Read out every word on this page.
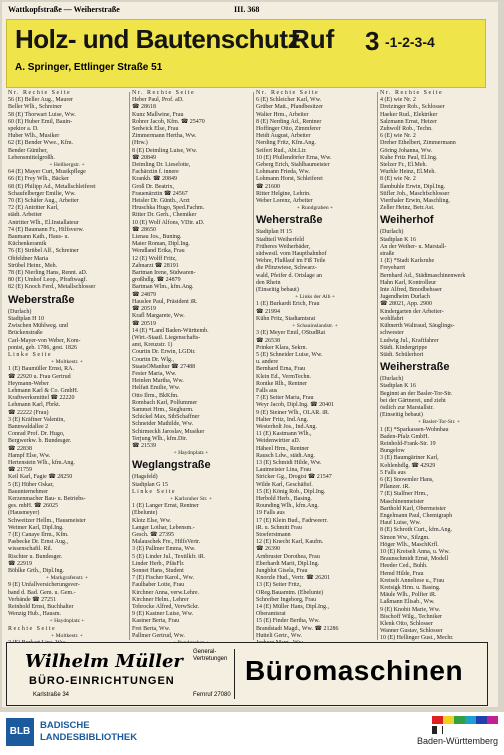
Wattkopfstraße — Weiherstraße	III. 368
Holz- und Bautenschutz
Ruf 3 -1-2-3-4
A. Springer, Ettlinger Straße 51

Nr. Rechte Seite

56 (E) Beller Aug., Maurer

Beller Wlh., Schreiner

58 (E) Thorwart Luise, Ww.

60 (E) Huber Emil, Bauin-

spektor a. D.

Huber Wlh., Musiker

62 (E) Bender Wwe., Kfm.

Bender Günther,

Lebensmittelgroßh.

+ Hellbergstr. +

64 (E) Mayer Curt, Musikpflege

66 (E) Frey Wlh., Bäcker

68 (E) Philipp Ad., Metallschleiferei

Schaufelberger Emilie, Ww.

70 (E) Schäfer Aug., Arbeiter

72 (E) Antritter Karl,

städt. Arbeiter

Antritter Wlh., El.Installateur

74 (E) Baumann Fr., Hilfsverw.

Baumann Kath., Haus- u.

Küchenkeramik

76 (E) Strübel Alf., Schreiner

Obfeldner Maria

Strübel Heinr., Meh.

78 (E) Nierling Hans, Rennt. aD.

80 (E) Umhof Leop., Pfraftwagf.

82 (E) Knoch Ferd., Metallschlosser

Weberstraße

(Durlach)

Stadtplan H 10

Zwischen Mühlweg. und

Brückenstraße

Carl-Mayer-von Weber, Kom-

ponist, geb. 1786, gest. 1826

Linke Seite

+ Moltkestr. +

1 (E) Baumüller Ernst, RA.

☎ 22920 u. Frau Gertrud

Heymann-Weber

Lehmann Karl & Co. GmbH.

Kraftwerksmittel ☎ 22220

Lehmann Karl, Fbrkt.

☎ 22222 (Frau)

3 (E) Kräftner Valentin,

Bannwaldallee 2

Conrad Prof. Dr. Hugo,

Bergwerkw. b. Bundesger.

☎ 22838

Hampf Else, Ww.

Hertenstein Wlh., kfm.Ang.

☎ 21759

Keil Karl, Fagie ☎ 28250

5 (E) Hüber Oskar,

Bauunternehmer

Kerzenmacher Bau- u. Betriebs-

ges. mbH. ☎ 26025

(Hausmeyer)

Schweitzer Hellm., Hausmeister

Weimer Karl, Dipl.Ing.

7 (E) Canaye Ilrm., Kfm.

Pasbecke Dr. Ernst Aug.,

wissenschaftl. Ril.

Rischter u. Bundesger.

☎ 22919

Böhlke Grth., Dipl.Ing.

+ Markgrafenstr. +

9 (E) Unfallversicherungsver-

band d. Bad. Gem. u. Gem.-

Verbände ☎ 27251

Reinhold Ernst, Buchhalter

Wenzig Hub., Hausm.

+ Haydnplatz +

Rechte Seite

+ Moltkestr. +

Nr. Rechte Seite

Heber Paul, Prof. aD.

☎ 28618

Kunz Mallwine, Frau

Rohrer Jacob, Kfm. ☎ 25470

Sedwick Else, Frau

Zimmermann Hertha, Ww.

(Hrw.)

8 (E) Deimling Luise, Ww.

☎ 20849

Deimling Dr. Lieselotte,

Fachärztin f. innere

Krankh. ☎ 20849

Groß Dr. Beatrix,

Frauenärztin ☎ 24567

Heisler Dr. Günth., Arzt

Hruschka Hugo, Sped.Fachm.

Ritter Dr. Gerh., Chemiker

10 (E) Wolf Alfons, VDir. aD.

☎ 28650

Lienau Jos., Buning.

Maier Roman, Dipl.Ing.

Wendland Erika, Frau

12 (E) Wolff Fritz,

Zahnarzt ☎ 28191

Bartman Irene, Südwaren-

großhdlg. ☎ 24879

Bartman Wlm., kfm.Ang.

☎ 24879

Hauslee Paul, Präsident iR.

☎ 20519

Krafl Margarete, Ww.

☎ 20519

14 (E) *Land Baden-Württemb.

(Wirt.-Staatl. Liegenschafts-

amt, Kreuzstr. 1)

Courtin Dr. Erwin, LGDir.

Courtin Dr. Wlg.,

StaatsOManhur ☎ 27488

Fester Maria, Ww.

Heinlen Martha, Ww.

Helfatt Emilie, Ww.

Otto Ilrm., BkKfm.

Rombach Karl, Polfummer

Sammet Hrm., Sieghurm.

Schickel Max, StbSchaffner

Schneider Mathilde, Ww.

Schirmeckh Jaroslav, Musiker

Terjung Wlh., kfm.Dir.

☎ 21539

+ Haydnplatz +

Weglangstraße

(Hagsfeld)

Stadtplan G 15

Linke Seite

+ Karlsruher Str. +

1 (E) Langer Ernst, Rentner

(Ebelunte)

Klotz Else, Ww.

Langer Lothar, Lebensm.-

Gesch. ☎ 27395

Malauschek Fre., HilfsVertr.

3 (E) Pallmer Emma, Ww.

5 (E) Linder Jul., Textilkfr. iR.

Linder Herb., PfäsFlr.

Sonnet Hans, Student

7 (E) Fischer Karol., Ww.

Faulhaber Lotte, Frau

Kirchner Anna, verw.Lehre.

Kirchner Helm., Lehrer

Tobrocke Alfred, VerwSckr.

9 (E) Kastner Luise, Ww.

Kastner Berta, Frau

Frei Berta, Ww.

Pallmer Gertrud, Ww.

Nr. Rechte Seite

6 (E) Schleicher Karl, Ww.

Grüber Matt., Pfandbesitzer

Walter Hrm., Arbeiter

8 (E) Nerding Ad., Rentner

Hoffinger Otto, Zimmferer

Heidt August, Arbeiter

Nerding Fritz, Kfm.Ang.

Seifert Rud., Abt.Ltr.

10 (E) Pfullendörfer Erna, Ww.

Geberg Erich, Stahlbaumeister

Lohmann Frieda, Ww.

Lohmann Horst, Schleiferei

☎ 21600

Ritter Helgine, Lehrin.

Weber Lorenz, Arbeiter

+ Rundgraben +

Weherstraße

Stadtplan H 15

Stadtteil Weiherfeld

Früheres Weiherbäder,

südwestl. vom Hauptbahnhof

Wehre, Flußlauf im Fiß Teile

die Pfinzwiese, Schwarz-

wald, Pfeifer d. Ortslage an

den Rhein

(Einseitig bebaut)

+ Links der Alb +

1 (E) Burkardt Erich, Frau

☎ 21994

Kühn Fritz, Stadtamtsrat

+ Schauinslandstr. +

3 (E) Meyer Emil, OStudRat

☎ 26538

Prinker Klara, Sekrn.

5 (E) Schneider Luise, Ww.

u. andere

Bernhard Erna, Frau

Klein Ed., VermTechn.

Rontke Rlh., Rentner

Falls aus

7 (E) Seiter Maria, Frau

Weyr Jacob, Dipl.Ing. ☎ 20401

9 (E) Steiner Wlh., OLAR. iR.

Halter Fritz, Ind.Ang.

Westerholt Jos., Ind.Ang.

11 (E) Kastmann Wlh.,

Weidenwirtier aD.

Häheel Hrm., Rentner

Rausch Ldw., städt.Ang.

13 (E) Schmidt Hilde, Ww.

Lautmeister Lina, Frau

Stricker Gg., Drogist ☎ 21547

Wilde Karl, Geschäftsf.

15 (E) König Rob., Dipl.Ing.

Herbold Herb., Basing.

Rounding Wlh., kfm.Ang.

19 Falls aus

17 (E) Klein Bud., Fadrweerr.

iR. u. Schmitt Frau

Stoeferstmann

12 (E) Knecht Karl, Kaufm.

☎ 26390

Arnbruster Dorothea, Frau

Eberhardt Marit, Dipl.Ing.

Jungblut Gisela, Frau

Knorzle Hud., Vertr. ☎ 26201

13 (E) Seiter Fritz,

OReg.Bauamtm. (Ebelunte)

Schreiber Ingeborg, Frau

14 (E) Müller Hans, Dipl.Ing.,

Oberamtsrat

15 (E) Finder Bertha, Ww.

Brandstadt Magd., Ww. ☎ 21286

Hutteli Gertr., Ww.

Nr. Rechte Seite

4 (E) wie Nr. 2

Dreizinger Rob., Schlosser

Haeker Rud., Elektriker

Salzmann Ernst, Heizer

Zuhwolf Rob., Techn.

6 (E) wie Nr. 2

Dreher Ethelbert, Zimmermann

Göring Johanna, Ww.

Kuhe Fritz Paul, El.Ing.

Stelzer Fr., El.Meh.

Wurhle Heinz, El.Meh.

8 (E) wie Nr. 2

Ilambuhle Erwin, Dipl.Ing.

Stifler Joh., Maschfschlosser

Vierthaler Erwin, Maschling.

Zeller Heinz, Betr.Ast.

Weiherhof

(Durlach)

Stadtplan K 16

An der Weiher- u. Marstall-

straße

1 (E) *Stadt Karlsruhe

Freyeharrt

Bernhard Ad., Städtmaschinenwerk

Hahn Karl, Kontrolleur

Inte Alfred, Bmodbehsser

Jugendheim Durlach

☎ 28021, App. 2900

Kindergarten der Arbeiter-

wohlfahrt

Kühnerth Waltraud, Säuglings-

schwester

Ludwig Jul., Kraftfahrer

Städt. Kindergrippe

Städt. Schülerhort

Weiherstraße

(Durlach)

Stadtplan K 16

Beginnt an der Basler-Tor-Str.

bei der Gärtnerei, und zieht

östlich zur Marstallstr.

(Einseitig bebaut)

+ Basler-Tor-Str. +

1 (E) *Sparkassen-Wohnbau

Baden-Pfalz GmbH.

Reinhold-Frank-Str. 19

Bungelow

3 (E) Baumgärtner Karl,

Kohlenhdlg. ☎ 42929

5 Falls aus

6 (E) Snowmler Hans,

Pflanzer. iR.

7 (E) Stalfner Hrm.,

Maschinenmeister

Barthold Karl, Obermeister

Engelmann Paul, Chemigraph

Hauf Luise, Ww.

8 (E) Schroth Curt., kfm.Ang.

Simon Ww., Silzgm.

Höger Wlh., MaschKrfl.

10 (E) Kreiselt Anna, u. Ww.

Braunschmidt Ernst, Modell

Heeder Ced., Buhh.

Hemd Hilde, Frau

Kreiselt Anneliese u., Frau

Kreisigk Hrm. u. Basing.

Mäule Wlh., Polfier iR.

Laßmann Elisab., Ww.

9 (E) Knobit Marie, Ww.

Bischoff Wilg., Techniker

Klenk Otto, Schlosser

Wanner Gustav, Schlosser

10 (E) Hellinger Gust., Mechr.

Wilhelm Müller General-
Vertretungen
BÜRO-EINRICHTUNGEN
Karlstraße 34	Fernruf 27080
Büromaschinen
BLB
BADISCHE
LANDESBIBLIOTHEK	Baden-Württemberg
